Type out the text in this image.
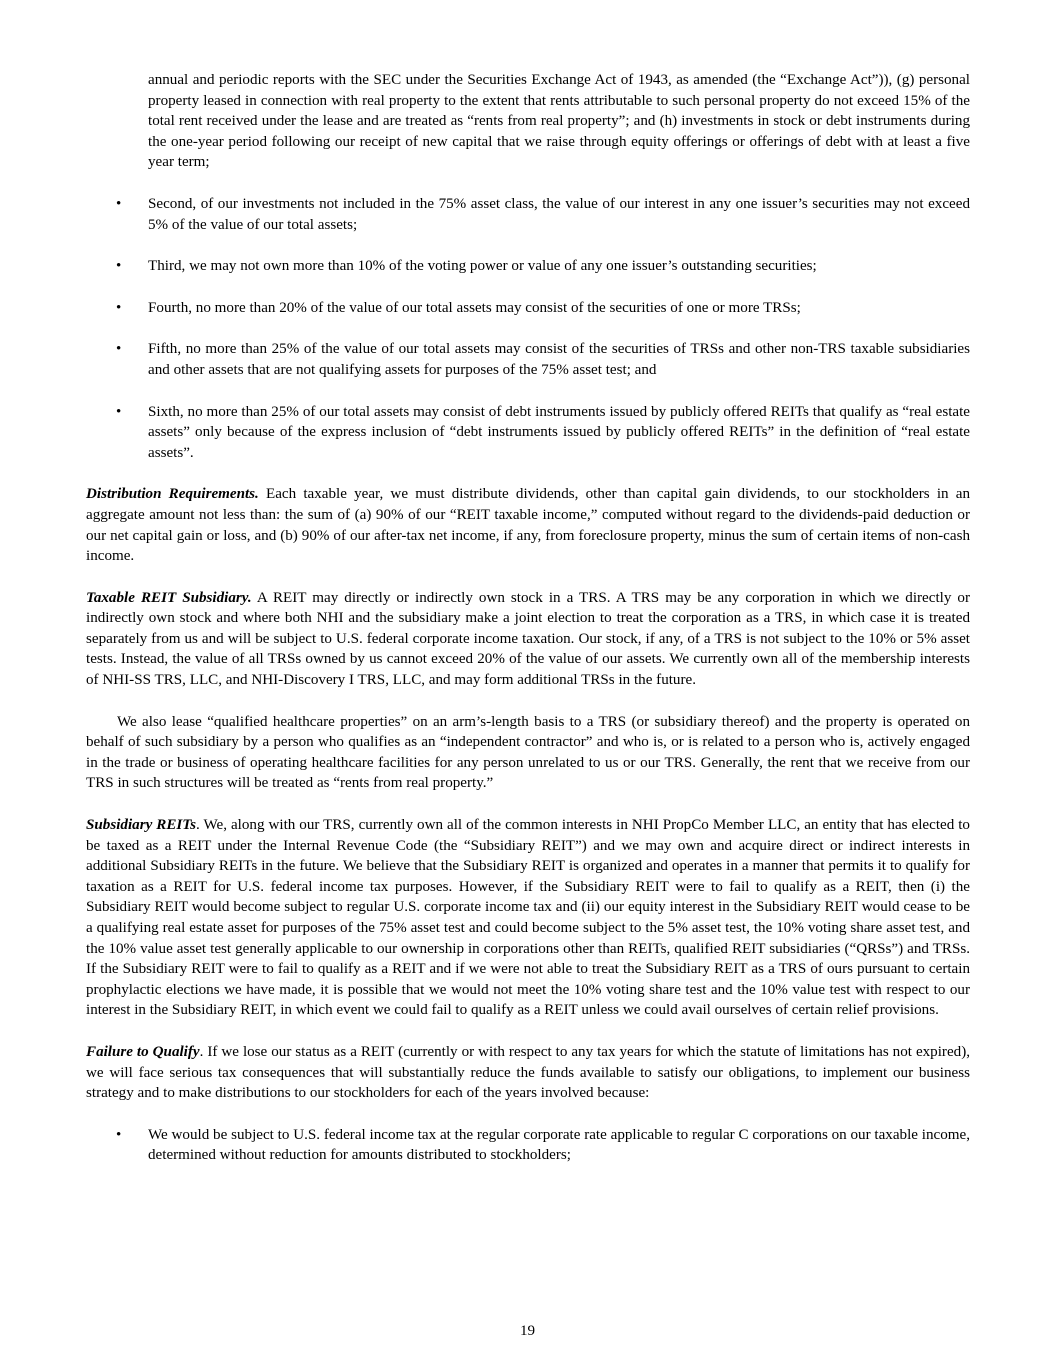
annual and periodic reports with the SEC under the Securities Exchange Act of 1943, as amended (the “Exchange Act”)), (g) personal property leased in connection with real property to the extent that rents attributable to such personal property do not exceed 15% of the total rent received under the lease and are treated as “rents from real property”; and (h) investments in stock or debt instruments during the one-year period following our receipt of new capital that we raise through equity offerings or offerings of debt with at least a five year term;

• Second, of our investments not included in the 75% asset class, the value of our interest in any one issuer’s securities may not exceed 5% of the value of our total assets;
• Third, we may not own more than 10% of the voting power or value of any one issuer’s outstanding securities;
• Fourth, no more than 20% of the value of our total assets may consist of the securities of one or more TRSs;
• Fifth, no more than 25% of the value of our total assets may consist of the securities of TRSs and other non-TRS taxable subsidiaries and other assets that are not qualifying assets for purposes of the 75% asset test; and
• Sixth, no more than 25% of our total assets may consist of debt instruments issued by publicly offered REITs that qualify as “real estate assets” only because of the express inclusion of “debt instruments issued by publicly offered REITs” in the definition of “real estate assets”.

Distribution Requirements. Each taxable year, we must distribute dividends, other than capital gain dividends, to our stockholders in an aggregate amount not less than: the sum of (a) 90% of our “REIT taxable income,” computed without regard to the dividends-paid deduction or our net capital gain or loss, and (b) 90% of our after-tax net income, if any, from foreclosure property, minus the sum of certain items of non-cash income.

Taxable REIT Subsidiary. A REIT may directly or indirectly own stock in a TRS. A TRS may be any corporation in which we directly or indirectly own stock and where both NHI and the subsidiary make a joint election to treat the corporation as a TRS, in which case it is treated separately from us and will be subject to U.S. federal corporate income taxation. Our stock, if any, of a TRS is not subject to the 10% or 5% asset tests. Instead, the value of all TRSs owned by us cannot exceed 20% of the value of our assets. We currently own all of the membership interests of NHI-SS TRS, LLC, and NHI-Discovery I TRS, LLC, and may form additional TRSs in the future.

We also lease “qualified healthcare properties” on an arm’s-length basis to a TRS (or subsidiary thereof) and the property is operated on behalf of such subsidiary by a person who qualifies as an “independent contractor” and who is, or is related to a person who is, actively engaged in the trade or business of operating healthcare facilities for any person unrelated to us or our TRS. Generally, the rent that we receive from our TRS in such structures will be treated as “rents from real property.”

Subsidiary REITs. We, along with our TRS, currently own all of the common interests in NHI PropCo Member LLC, an entity that has elected to be taxed as a REIT under the Internal Revenue Code (the “Subsidiary REIT”) and we may own and acquire direct or indirect interests in additional Subsidiary REITs in the future. We believe that the Subsidiary REIT is organized and operates in a manner that permits it to qualify for taxation as a REIT for U.S. federal income tax purposes. However, if the Subsidiary REIT were to fail to qualify as a REIT, then (i) the Subsidiary REIT would become subject to regular U.S. corporate income tax and (ii) our equity interest in the Subsidiary REIT would cease to be a qualifying real estate asset for purposes of the 75% asset test and could become subject to the 5% asset test, the 10% voting share asset test, and the 10% value asset test generally applicable to our ownership in corporations other than REITs, qualified REIT subsidiaries (“QRSs”) and TRSs. If the Subsidiary REIT were to fail to qualify as a REIT and if we were not able to treat the Subsidiary REIT as a TRS of ours pursuant to certain prophylactic elections we have made, it is possible that we would not meet the 10% voting share test and the 10% value test with respect to our interest in the Subsidiary REIT, in which event we could fail to qualify as a REIT unless we could avail ourselves of certain relief provisions.

Failure to Qualify. If we lose our status as a REIT (currently or with respect to any tax years for which the statute of limitations has not expired), we will face serious tax consequences that will substantially reduce the funds available to satisfy our obligations, to implement our business strategy and to make distributions to our stockholders for each of the years involved because:

• We would be subject to U.S. federal income tax at the regular corporate rate applicable to regular C corporations on our taxable income, determined without reduction for amounts distributed to stockholders;
19
